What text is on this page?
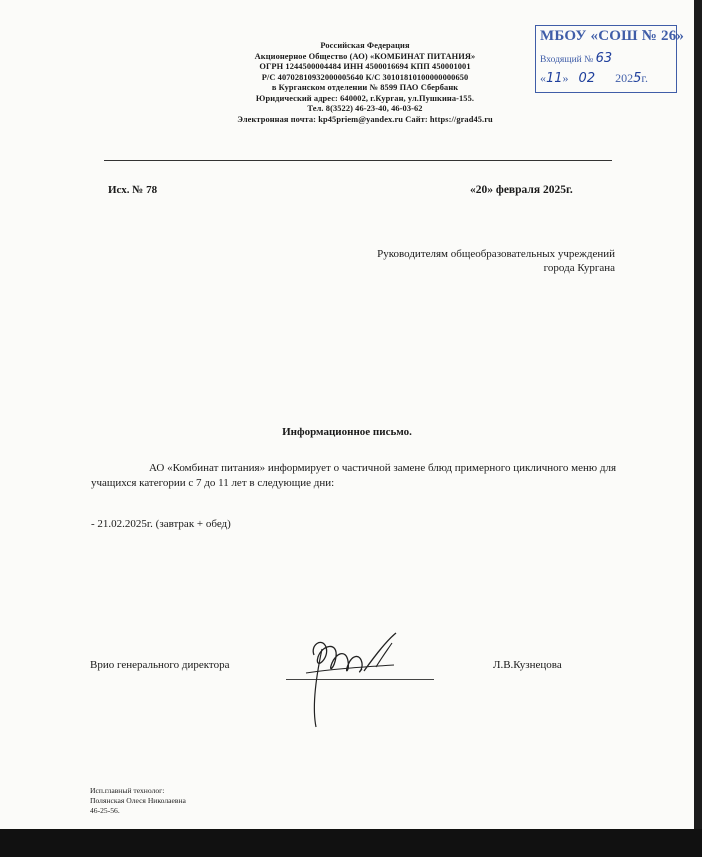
Российская Федерация
Акционерное Общество (АО) «КОМБИНАТ ПИТАНИЯ»
ОГРН 1244500004484 ИНН 4500016694 КПП 450001001
Р/С 40702810932000005640 К/С 30101810100000000650
в Курганском отделении № 8599 ПАО Сбербанк
Юридический адрес: 640002, г.Курган, ул.Пушкина-155.
Тел. 8(3522) 46-23-40, 46-03-62
Электронная почта: kp45priem@yandex.ru Сайт: https://grad45.ru
МБОУ «СОШ № 26»
Входящий № 63
«11»  02 2025г.
Исх. № 78	«20» февраля 2025г.
Руководителям общеобразовательных учреждений
города Кургана
Информационное письмо.
АО «Комбинат питания» информирует о частичной замене блюд примерного цикличного меню для учащихся категории с 7 до 11 лет в следующие дни:
- 21.02.2025г. (завтрак + обед)
Врио генерального директора	Л.В.Кузнецова
Исп.главный технолог:
Полянская Олеся Николаевна
46-25-56.
